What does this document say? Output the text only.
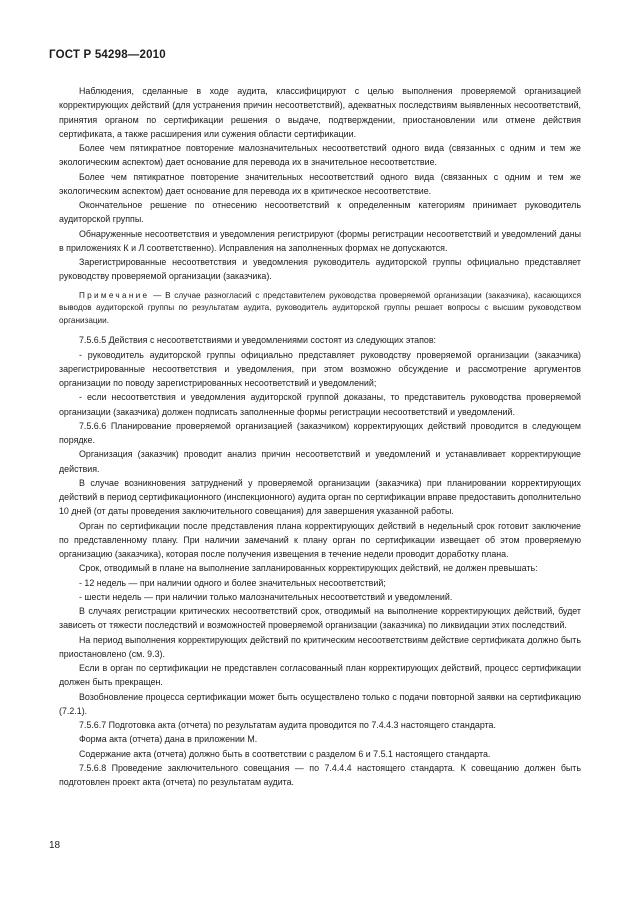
ГОСТ Р 54298—2010

Наблюдения, сделанные в ходе аудита, классифицируют с целью выполнения проверяемой организацией корректирующих действий (для устранения причин несоответствий), адекватных последствиям выявленных несоответствий, принятия органом по сертификации решения о выдаче, подтверждении, приостановлении или отмене действия сертификата, а также расширения или сужения области сертификации.

Более чем пятикратное повторение малозначительных несоответствий одного вида (связанных с одним и тем же экологическим аспектом) дает основание для перевода их в значительное несоответствие.

Более чем пятикратное повторение значительных несоответствий одного вида (связанных с одним и тем же экологическим аспектом) дает основание для перевода их в критическое несоответствие.

Окончательное решение по отнесению несоответствий к определенным категориям принимает руководитель аудиторской группы.

Обнаруженные несоответствия и уведомления регистрируют (формы регистрации несоответствий и уведомлений даны в приложениях К и Л соответственно). Исправления на заполненных формах не допускаются.

Зарегистрированные несоответствия и уведомления руководитель аудиторской группы официально представляет руководству проверяемой организации (заказчика).

Примечание — В случае разногласий с представителем руководства проверяемой организации (заказчика), касающихся выводов аудиторской группы по результатам аудита, руководитель аудиторской группы решает вопросы с высшим руководством организации.

7.5.6.5 Действия с несоответствиями и уведомлениями состоят из следующих этапов:

- руководитель аудиторской группы официально представляет руководству проверяемой организации (заказчика) зарегистрированные несоответствия и уведомления, при этом возможно обсуждение и рассмотрение аргументов организации по поводу зарегистрированных несоответствий и уведомлений;

- если несоответствия и уведомления аудиторской группой доказаны, то представитель руководства проверяемой организации (заказчика) должен подписать заполненные формы регистрации несоответствий и уведомлений.

7.5.6.6 Планирование проверяемой организацией (заказчиком) корректирующих действий проводится в следующем порядке.

Организация (заказчик) проводит анализ причин несоответствий и уведомлений и устанавливает корректирующие действия.

В случае возникновения затруднений у проверяемой организации (заказчика) при планировании корректирующих действий в период сертификационного (инспекционного) аудита орган по сертификации вправе предоставить дополнительно 10 дней (от даты проведения заключительного совещания) для завершения указанной работы.

Орган по сертификации после представления плана корректирующих действий в недельный срок готовит заключение по представленному плану. При наличии замечаний к плану орган по сертификации извещает об этом проверяемую организацию (заказчика), которая после получения извещения в течение недели проводит доработку плана.

Срок, отводимый в плане на выполнение запланированных корректирующих действий, не должен превышать:

- 12 недель — при наличии одного и более значительных несоответствий;

- шести недель — при наличии только малозначительных несоответствий и уведомлений.

В случаях регистрации критических несоответствий срок, отводимый на выполнение корректирующих действий, будет зависеть от тяжести последствий и возможностей проверяемой организации (заказчика) по ликвидации этих последствий.

На период выполнения корректирующих действий по критическим несоответствиям действие сертификата должно быть приостановлено (см. 9.3).

Если в орган по сертификации не представлен согласованный план корректирующих действий, процесс сертификации должен быть прекращен.

Возобновление процесса сертификации может быть осуществлено только с подачи повторной заявки на сертификацию (7.2.1).

7.5.6.7 Подготовка акта (отчета) по результатам аудита проводится по 7.4.4.3 настоящего стандарта.

Форма акта (отчета) дана в приложении М.

Содержание акта (отчета) должно быть в соответствии с разделом 6 и 7.5.1 настоящего стандарта.

7.5.6.8 Проведение заключительного совещания — по 7.4.4.4 настоящего стандарта. К совещанию должен быть подготовлен проект акта (отчета) по результатам аудита.

18
